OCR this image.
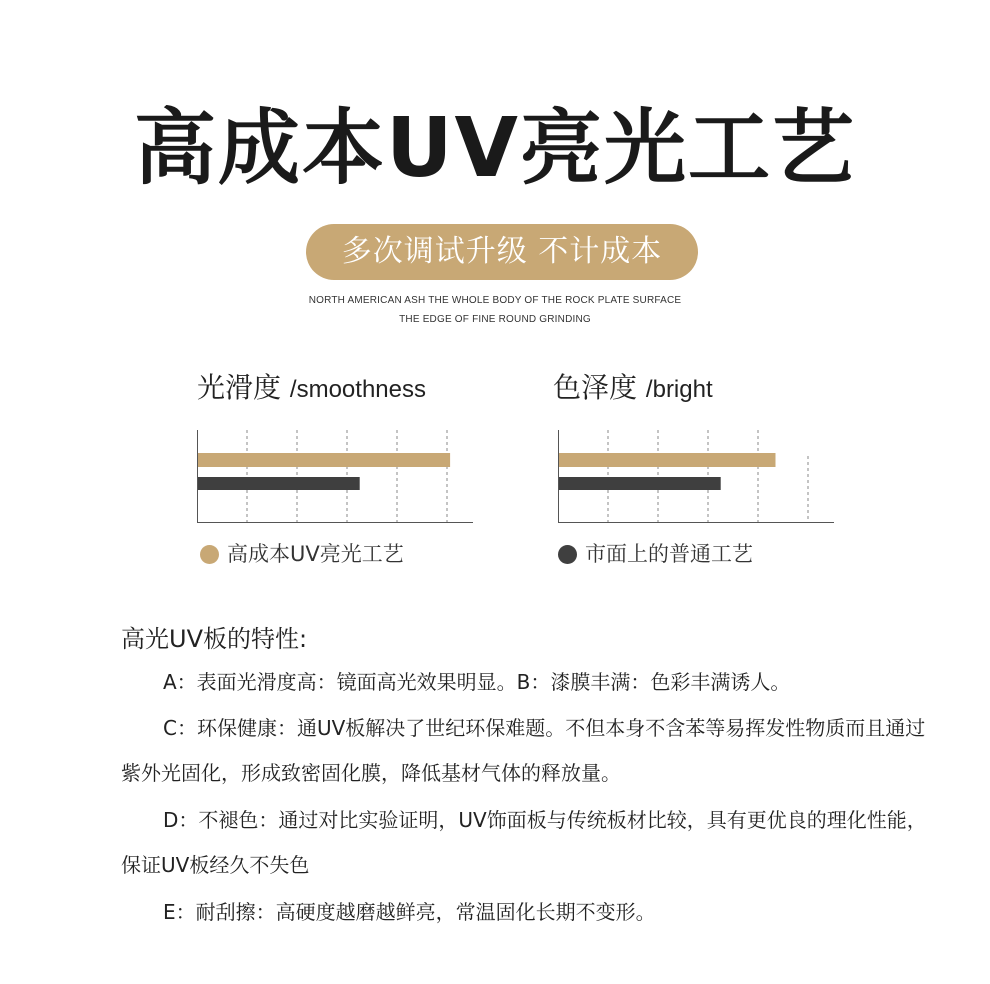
高成本UV亮光工艺
多次调试升级 不计成本
NORTH AMERICAN ASH THE WHOLE BODY OF THE ROCK PLATE SURFACE
THE EDGE OF FINE ROUND GRINDING
光滑度 /smoothness	色泽度 /bright
高成本UV亮光工艺	市面上的普通工艺
高光UV板的特性:
A：表面光滑度高：镜面高光效果明显。B：漆膜丰满：色彩丰满诱人。
C：环保健康：通UV板解决了世纪环保难题。不但本身不含苯等易挥发性物质而且通过紫外光固化，形成致密固化膜，降低基材气体的释放量。
D：不褪色：通过对比实验证明，UV饰面板与传统板材比较，具有更优良的理化性能，保证UV板经久不失色
E：耐刮擦：高硬度越磨越鲜亮，常温固化长期不变形。
